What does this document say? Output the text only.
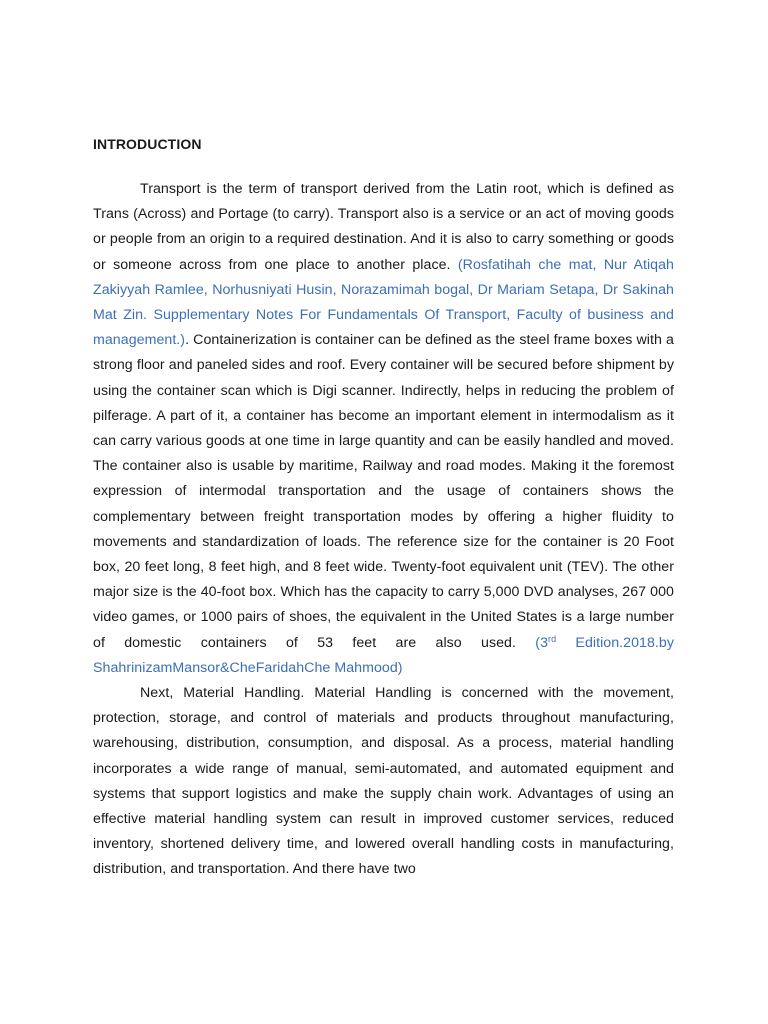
INTRODUCTION

Transport is the term of transport derived from the Latin root, which is defined as Trans (Across) and Portage (to carry). Transport also is a service or an act of moving goods or people from an origin to a required destination. And it is also to carry something or goods or someone across from one place to another place. (Rosfatihah che mat, Nur Atiqah Zakiyyah Ramlee, Norhusniyati Husin, Norazamimah bogal, Dr Mariam Setapa, Dr Sakinah Mat Zin. Supplementary Notes For Fundamentals Of Transport, Faculty of business and management.). Containerization is container can be defined as the steel frame boxes with a strong floor and paneled sides and roof. Every container will be secured before shipment by using the container scan which is Digi scanner. Indirectly, helps in reducing the problem of pilferage. A part of it, a container has become an important element in intermodalism as it can carry various goods at one time in large quantity and can be easily handled and moved. The container also is usable by maritime, Railway and road modes. Making it the foremost expression of intermodal transportation and the usage of containers shows the complementary between freight transportation modes by offering a higher fluidity to movements and standardization of loads. The reference size for the container is 20 Foot box, 20 feet long, 8 feet high, and 8 feet wide. Twenty-foot equivalent unit (TEV). The other major size is the 40-foot box. Which has the capacity to carry 5,000 DVD analyses, 267 000 video games, or 1000 pairs of shoes, the equivalent in the United States is a large number of domestic containers of 53 feet are also used. (3rd Edition.2018.by ShahrinizamMansor&CheFaridahChe Mahmood)

Next, Material Handling. Material Handling is concerned with the movement, protection, storage, and control of materials and products throughout manufacturing, warehousing, distribution, consumption, and disposal. As a process, material handling incorporates a wide range of manual, semi-automated, and automated equipment and systems that support logistics and make the supply chain work. Advantages of using an effective material handling system can result in improved customer services, reduced inventory, shortened delivery time, and lowered overall handling costs in manufacturing, distribution, and transportation. And there have two
